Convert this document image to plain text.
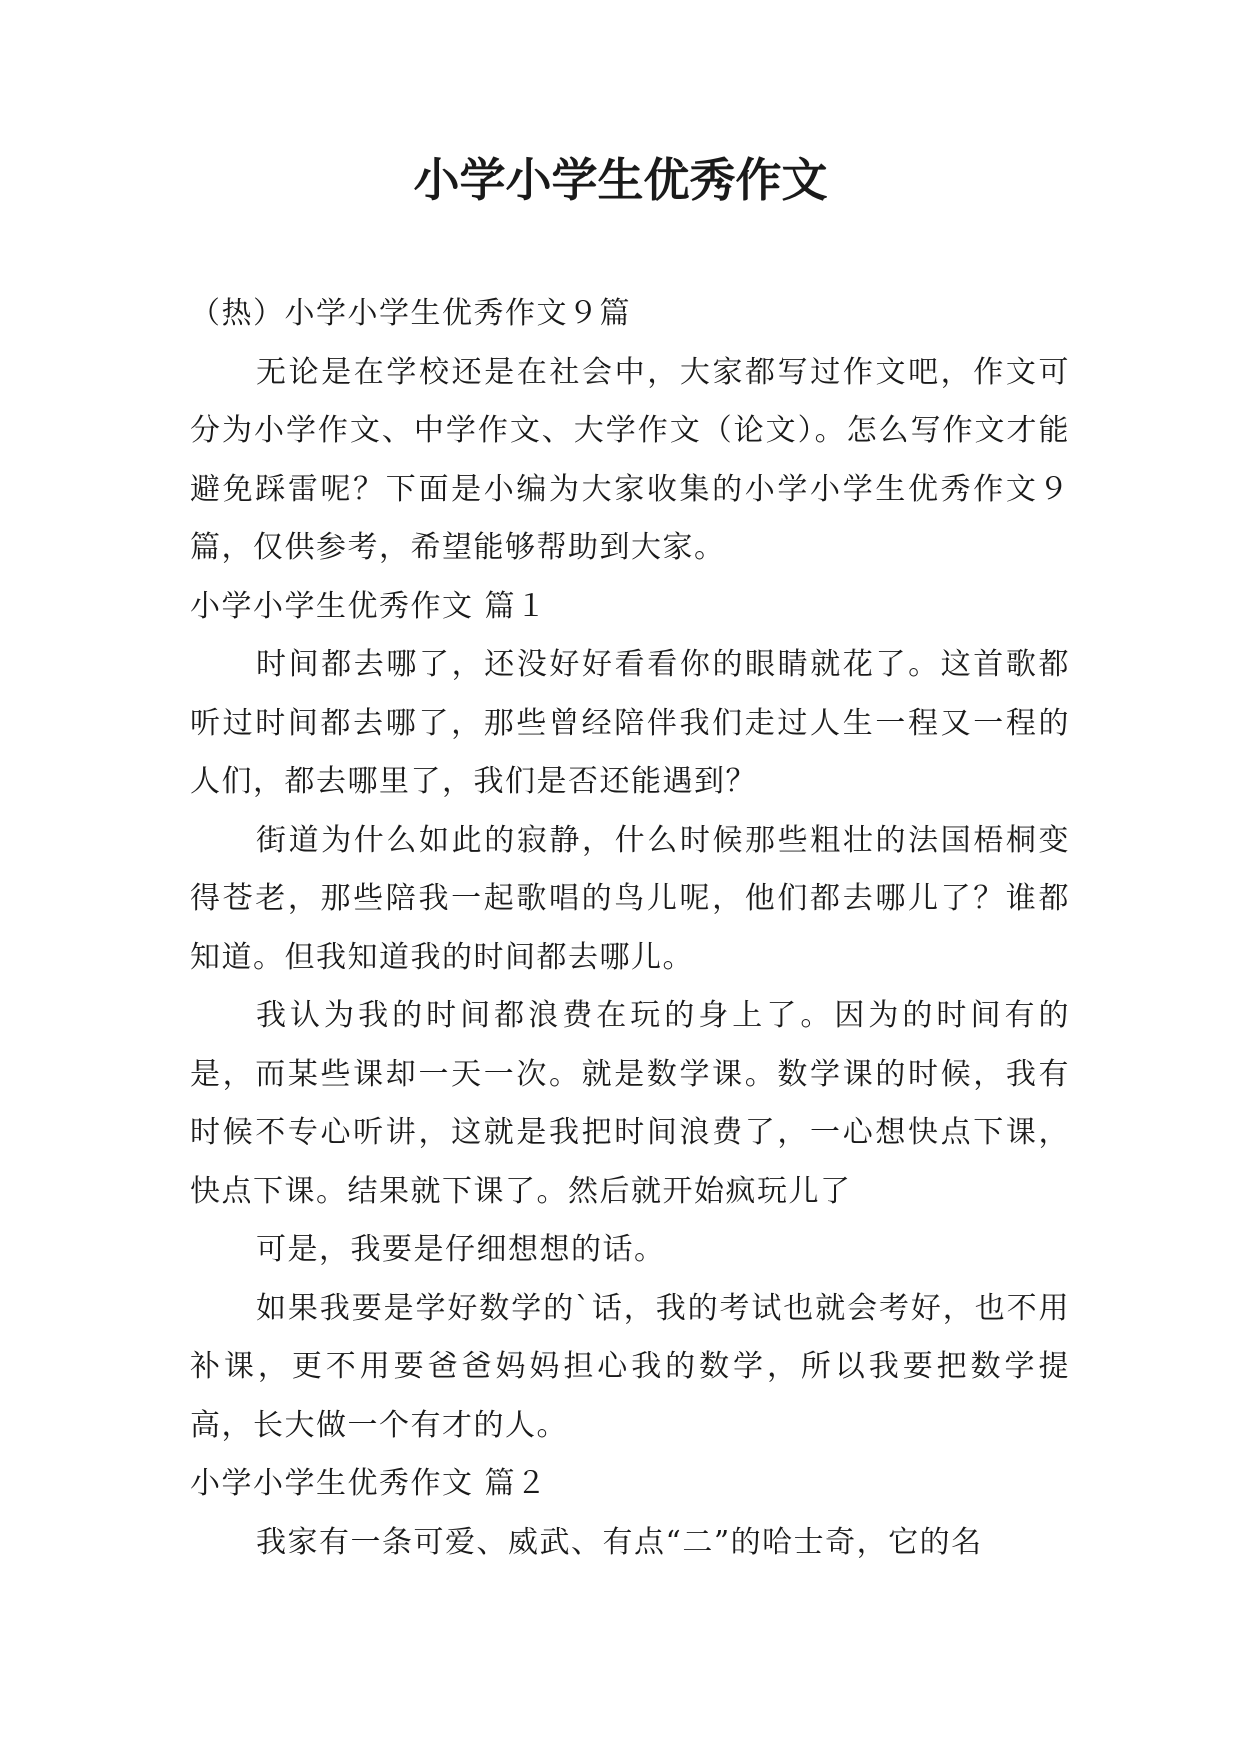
小学小学生优秀作文

（热）小学小学生优秀作文９篇

无论是在学校还是在社会中，大家都写过作文吧，作文可分为小学作文、中学作文、大学作文（论文）。怎么写作文才能避免踩雷呢？下面是小编为大家收集的小学小学生优秀作文９篇，仅供参考，希望能够帮助到大家。

小学小学生优秀作文 篇１

时间都去哪了，还没好好看看你的眼睛就花了。这首歌都听过时间都去哪了，那些曾经陪伴我们走过人生一程又一程的人们，都去哪里了，我们是否还能遇到？

街道为什么如此的寂静，什么时候那些粗壮的法国梧桐变得苍老，那些陪我一起歌唱的鸟儿呢，他们都去哪儿了？谁都知道。但我知道我的时间都去哪儿。

我认为我的时间都浪费在玩的身上了。因为的时间有的是，而某些课却一天一次。就是数学课。数学课的时候，我有时候不专心听讲，这就是我把时间浪费了，一心想快点下课，快点下课。结果就下课了。然后就开始疯玩儿了

可是，我要是仔细想想的话。

如果我要是学好数学的`话，我的考试也就会考好，也不用补课，更不用要爸爸妈妈担心我的数学，所以我要把数学提高，长大做一个有才的人。

小学小学生优秀作文 篇２

我家有一条可爱、威武、有点“二”的哈士奇，它的名
